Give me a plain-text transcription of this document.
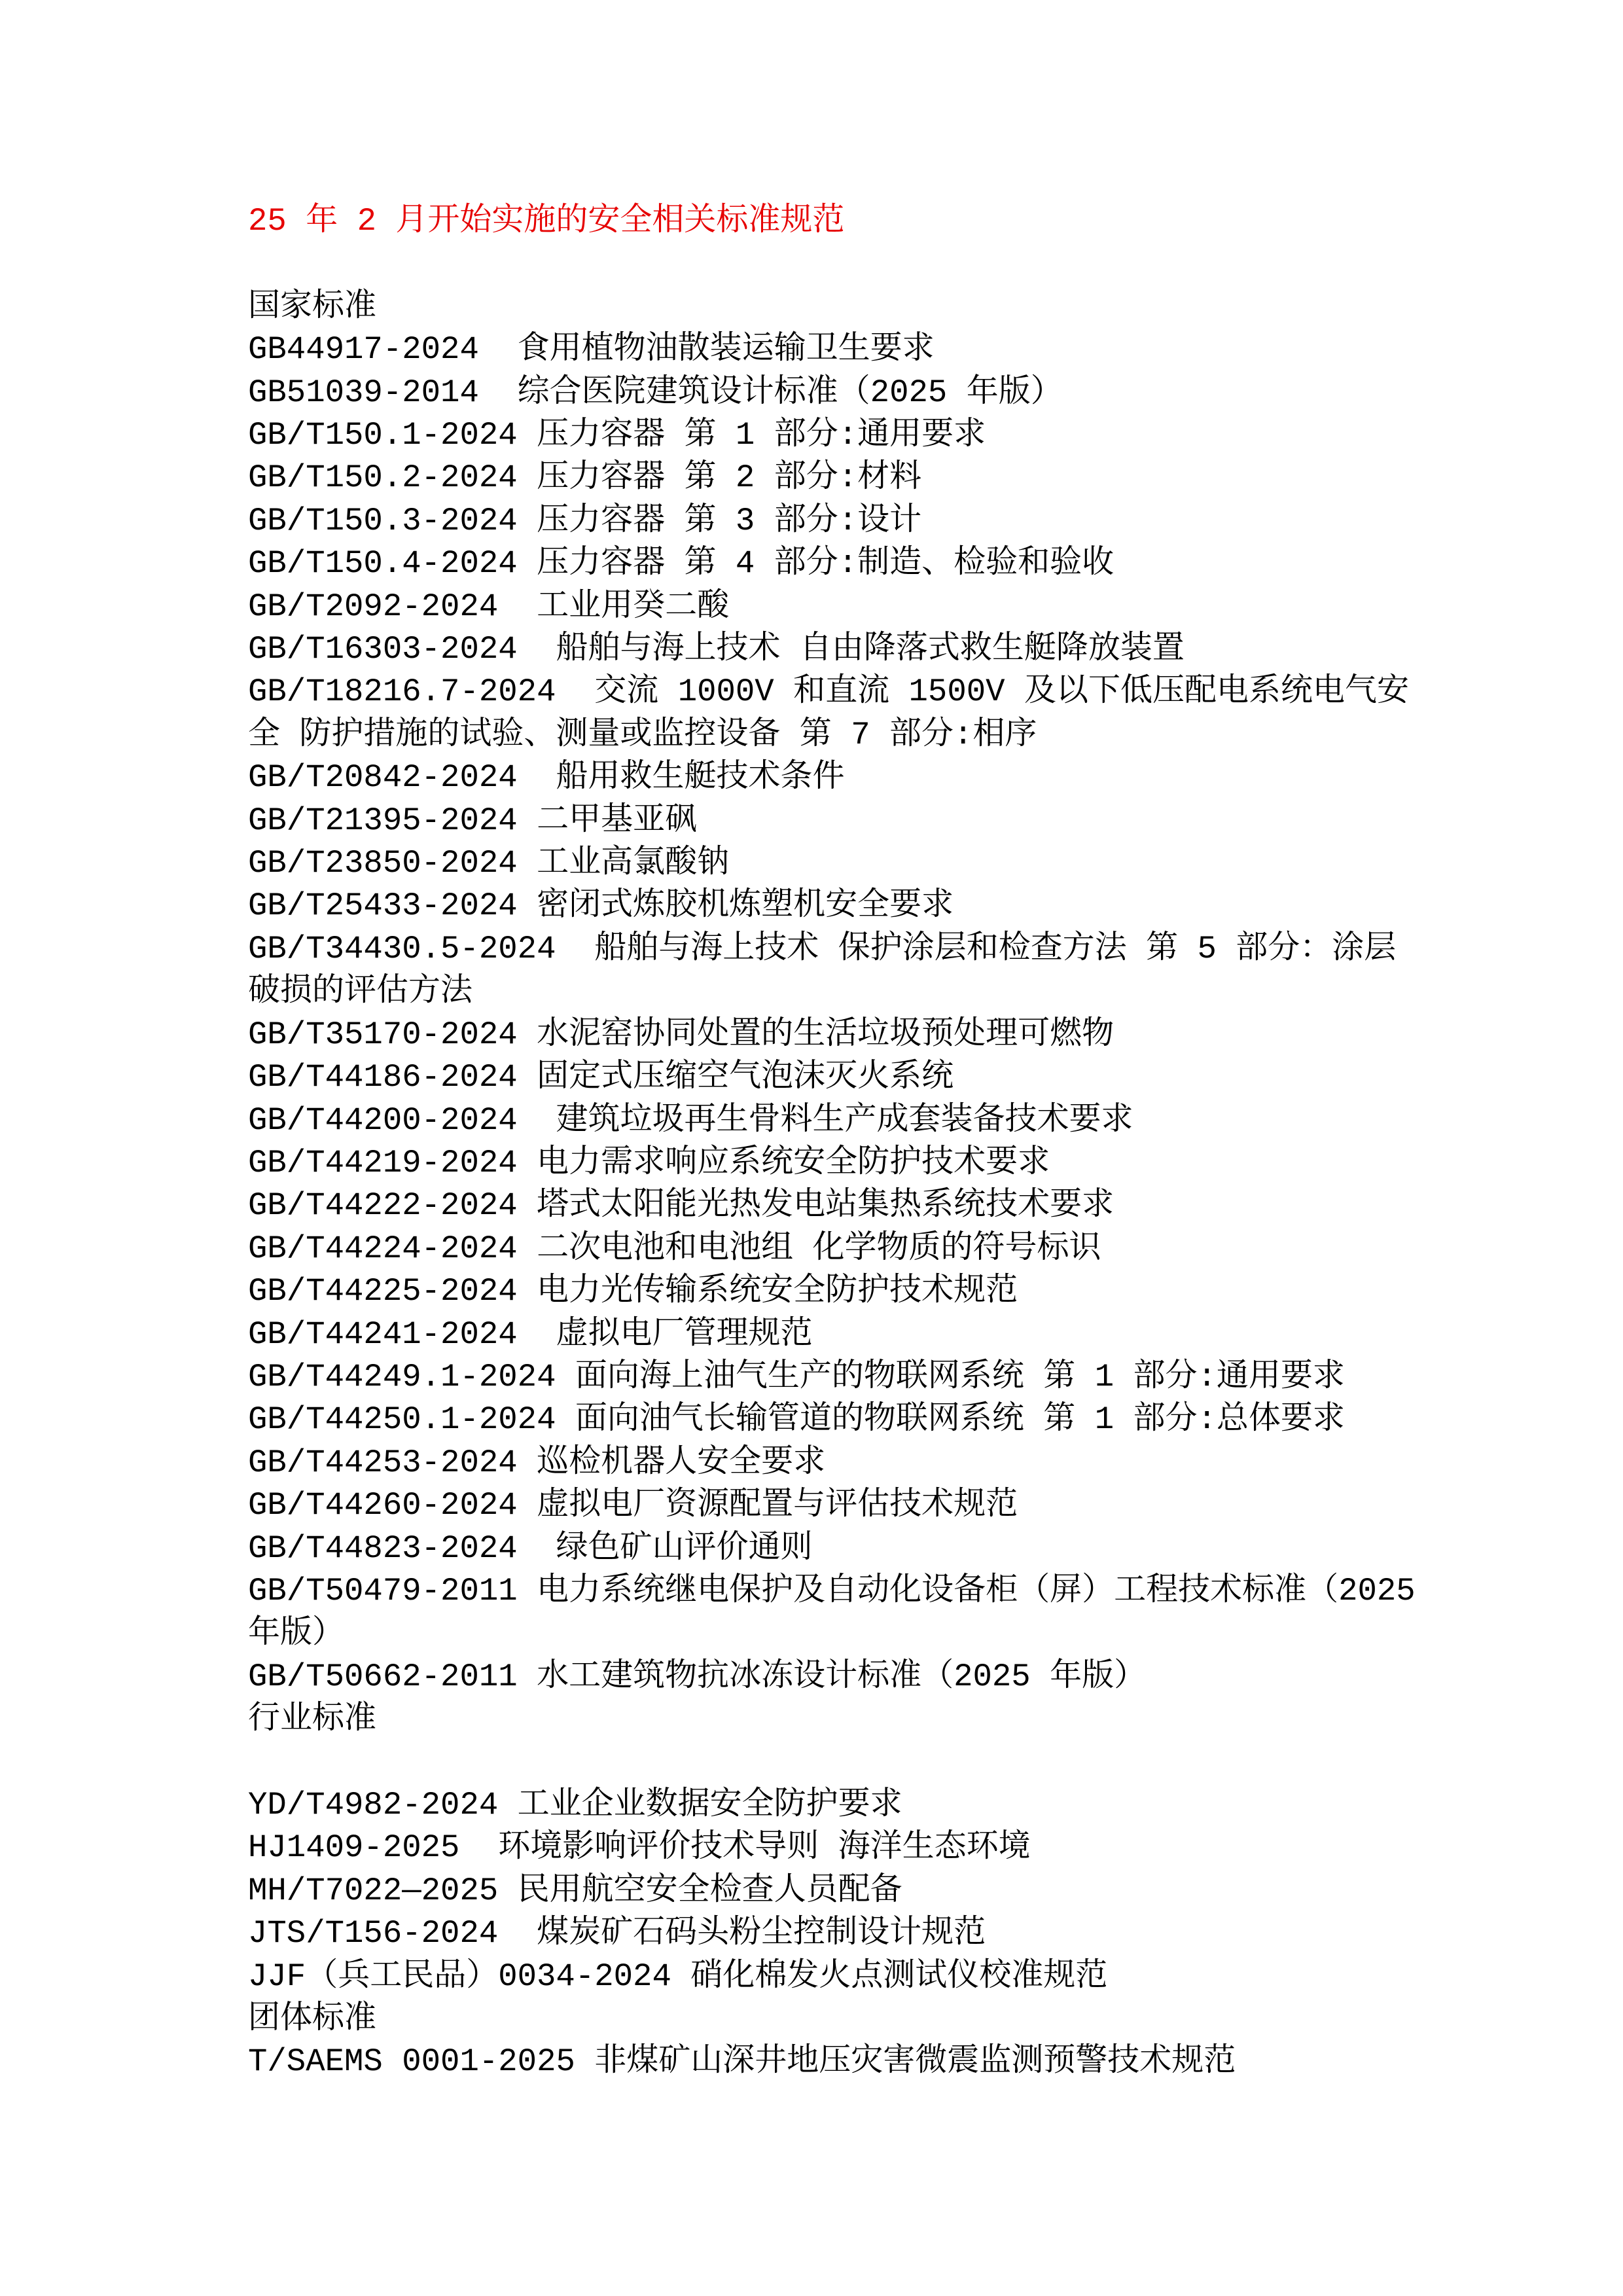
25 年 2 月开始实施的安全相关标准规范
国家标准
GB44917-2024  食用植物油散装运输卫生要求
GB51039-2014  综合医院建筑设计标准（2025 年版）
GB/T150.1-2024 压力容器 第 1 部分:通用要求
GB/T150.2-2024 压力容器 第 2 部分:材料
GB/T150.3-2024 压力容器 第 3 部分:设计
GB/T150.4-2024 压力容器 第 4 部分:制造、检验和验收
GB/T2092-2024  工业用癸二酸
GB/T16303-2024  船舶与海上技术 自由降落式救生艇降放装置
GB/T18216.7-2024  交流 1000V 和直流 1500V 及以下低压配电系统电气安全 防护措施的试验、测量或监控设备 第 7 部分:相序
GB/T20842-2024  船用救生艇技术条件
GB/T21395-2024 二甲基亚砜
GB/T23850-2024 工业高氯酸钠
GB/T25433-2024 密闭式炼胶机炼塑机安全要求
GB/T34430.5-2024  船舶与海上技术 保护涂层和检查方法 第 5 部分：涂层破损的评估方法
GB/T35170-2024 水泥窑协同处置的生活垃圾预处理可燃物
GB/T44186-2024 固定式压缩空气泡沫灭火系统
GB/T44200-2024  建筑垃圾再生骨料生产成套装备技术要求
GB/T44219-2024 电力需求响应系统安全防护技术要求
GB/T44222-2024 塔式太阳能光热发电站集热系统技术要求
GB/T44224-2024 二次电池和电池组 化学物质的符号标识
GB/T44225-2024 电力光传输系统安全防护技术规范
GB/T44241-2024  虚拟电厂管理规范
GB/T44249.1-2024 面向海上油气生产的物联网系统 第 1 部分:通用要求
GB/T44250.1-2024 面向油气长输管道的物联网系统 第 1 部分:总体要求
GB/T44253-2024 巡检机器人安全要求
GB/T44260-2024 虚拟电厂资源配置与评估技术规范
GB/T44823-2024  绿色矿山评价通则
GB/T50479-2011 电力系统继电保护及自动化设备柜（屏）工程技术标准（2025 年版）
GB/T50662-2011 水工建筑物抗冰冻设计标准（2025 年版）
行业标准
YD/T4982-2024 工业企业数据安全防护要求
HJ1409-2025  环境影响评价技术导则 海洋生态环境
MH/T7022—2025 民用航空安全检查人员配备
JTS/T156-2024  煤炭矿石码头粉尘控制设计规范
JJF（兵工民品）0034-2024 硝化棉发火点测试仪校准规范
团体标准
T/SAEMS 0001-2025 非煤矿山深井地压灾害微震监测预警技术规范
